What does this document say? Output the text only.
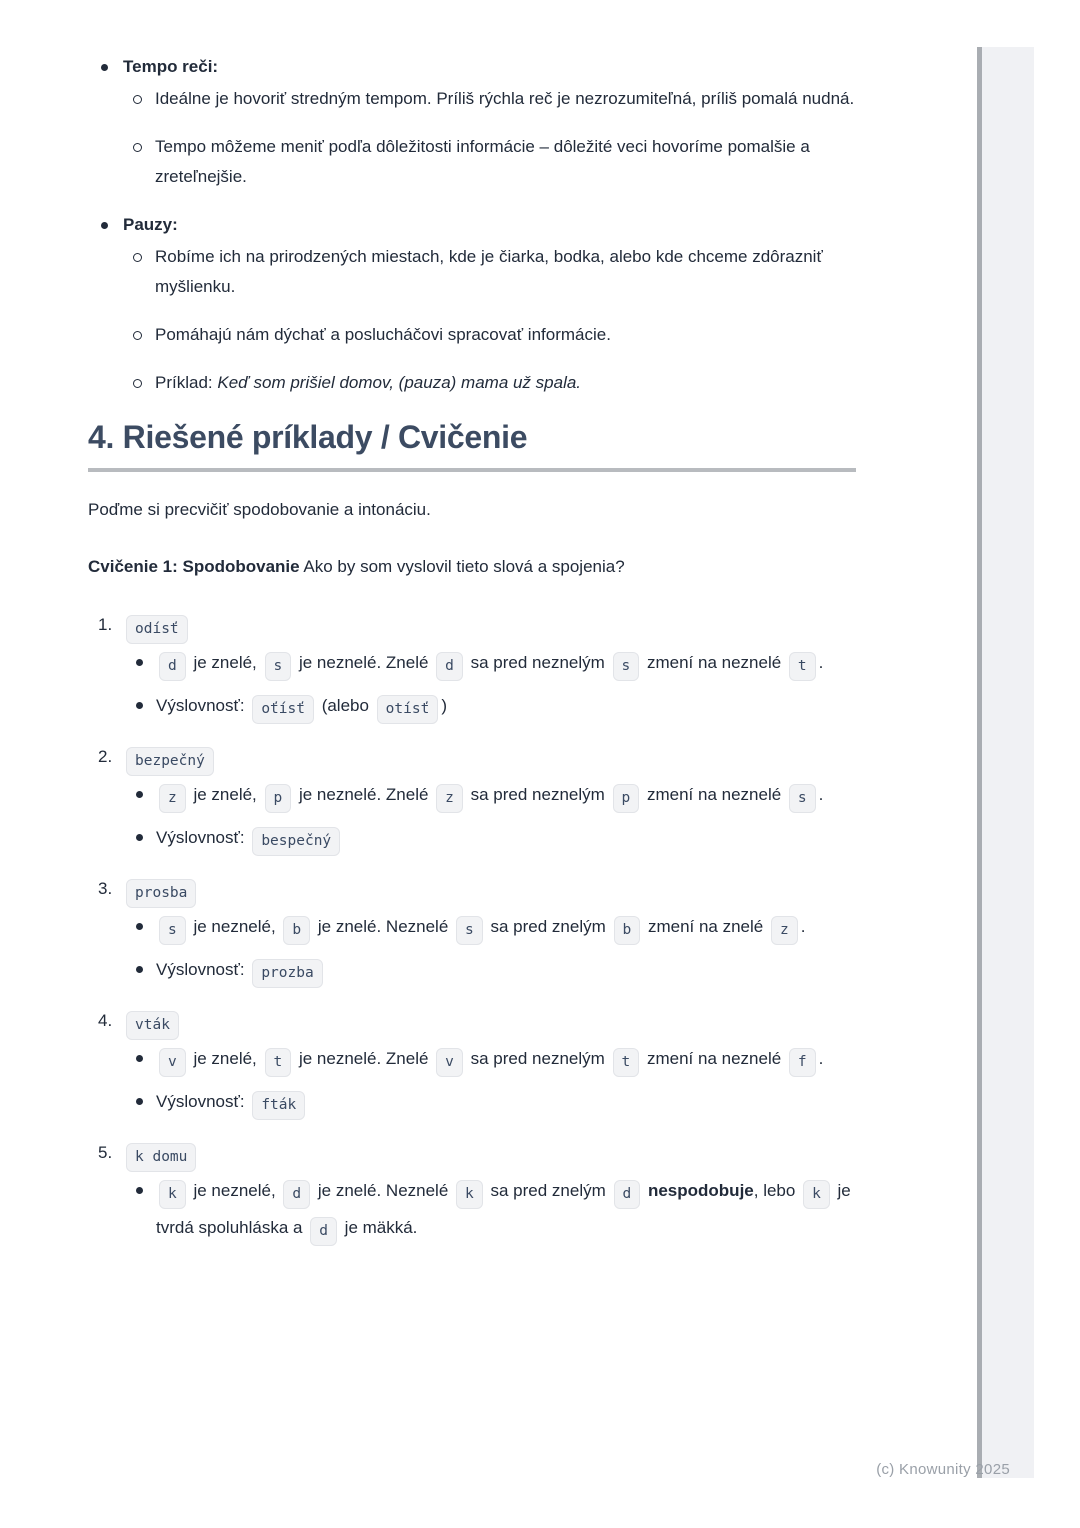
Tempo reči:
Ideálne je hovoriť stredným tempom. Príliš rýchla reč je nezrozumiteľná, príliš pomalá nudná.
Tempo môžeme meniť podľa dôležitosti informácie – dôležité veci hovoríme pomalšie a zreteľnejšie.
Pauzy:
Robíme ich na prirodzených miestach, kde je čiarka, bodka, alebo kde chceme zdôrazniť myšlienku.
Pomáhajú nám dýchať a poslucháčovi spracovať informácie.
Príklad: Keď som prišiel domov, (pauza) mama už spala.
4. Riešené príklady / Cvičenie

Poďme si precvičiť spodobovanie a intonáciu.

Cvičenie 1: Spodobovanie Ako by som vyslovil tieto slová a spojenia?

odísť
d je znelé, s je neznelé. Znelé d sa pred neznelým s zmení na neznelé t .
Výslovnosť: oťísť (alebo otísť )
bezpečný
z je znelé, p je neznelé. Znelé z sa pred neznelým p zmení na neznelé s .
Výslovnosť: bespečný
prosba
s je neznelé, b je znelé. Neznelé s sa pred znelým b zmení na znelé z .
Výslovnosť: prozba
vták
v je znelé, t je neznelé. Znelé v sa pred neznelým t zmení na neznelé f .
Výslovnosť: fták
k domu
k je neznelé, d je znelé. Neznelé k sa pred znelým d nespodobuje, lebo k je tvrdá spoluhláska a d je mäkká.
(c) Knowunity 2025
